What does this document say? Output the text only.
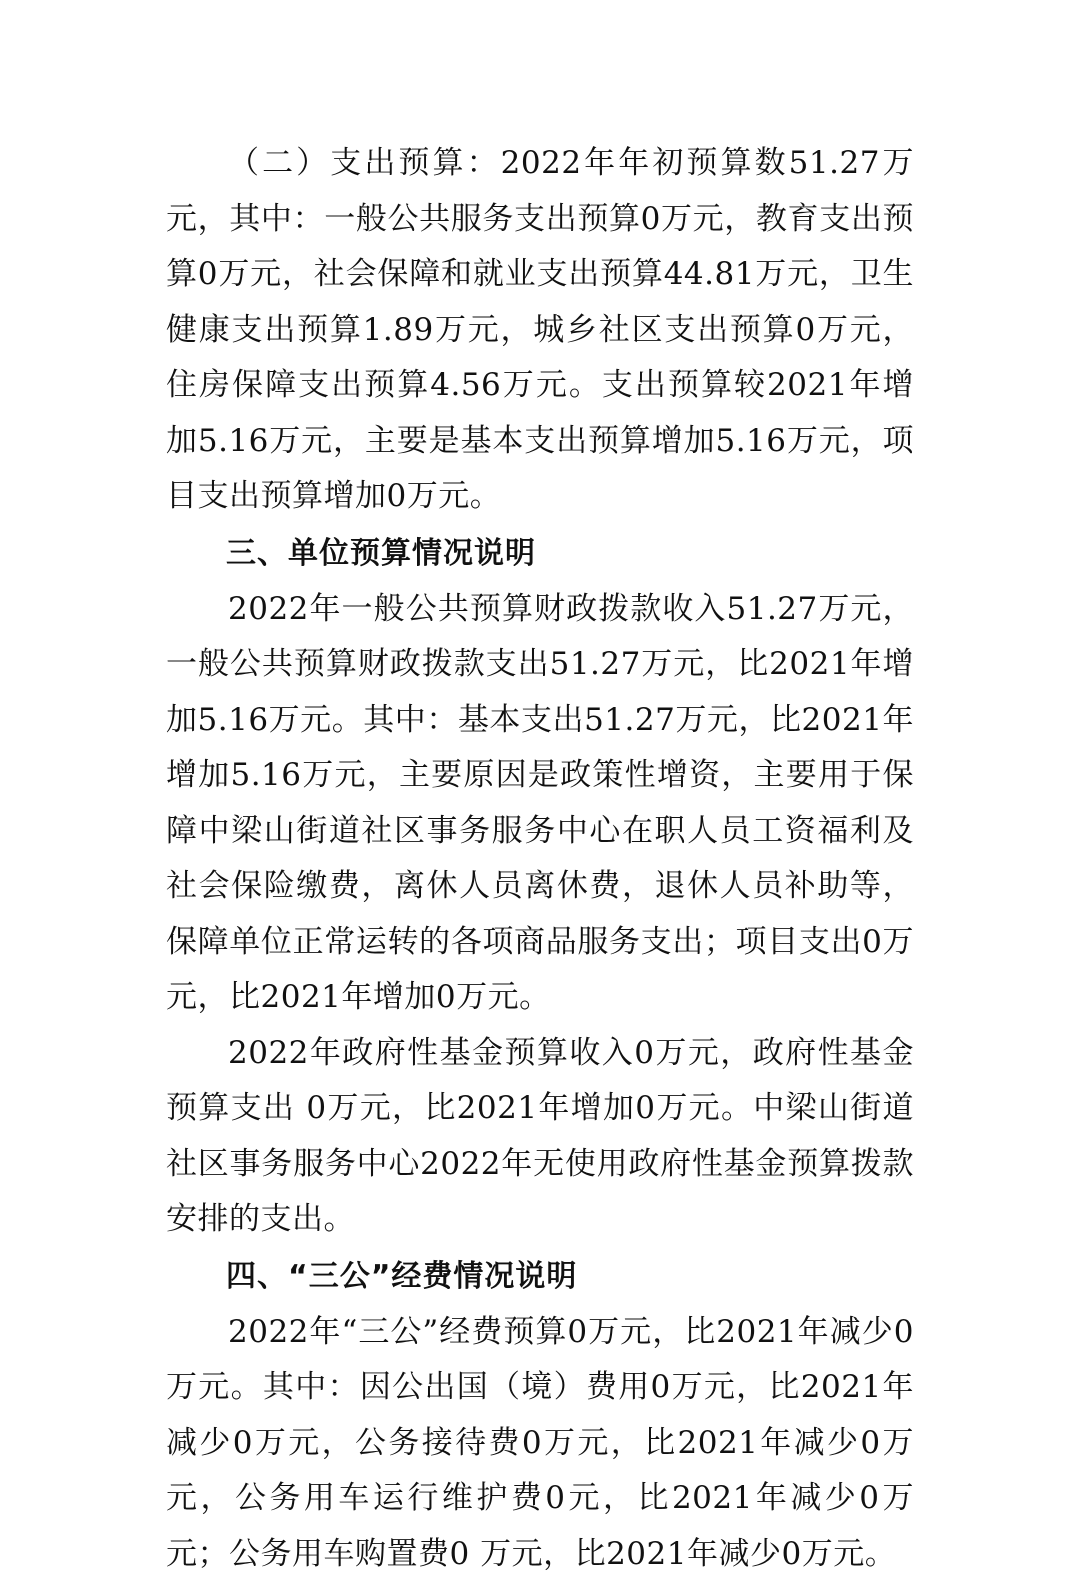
（二）支出预算：2022年年初预算数51.27万元，其中：一般公共服务支出预算0万元，教育支出预算0万元，社会保障和就业支出预算44.81万元，卫生健康支出预算1.89万元，城乡社区支出预算0万元，住房保障支出预算4.56万元。支出预算较2021年增加5.16万元，主要是基本支出预算增加5.16万元，项目支出预算增加0万元。

三、单位预算情况说明

2022年一般公共预算财政拨款收入51.27万元，一般公共预算财政拨款支出51.27万元，比2021年增加5.16万元。其中：基本支出51.27万元，比2021年增加5.16万元，主要原因是政策性增资，主要用于保障中梁山街道社区事务服务中心在职人员工资福利及社会保险缴费，离休人员离休费，退休人员补助等，保障单位正常运转的各项商品服务支出；项目支出0万元，比2021年增加0万元。

2022年政府性基金预算收入0万元，政府性基金预算支出 0万元，比2021年增加0万元。中梁山街道社区事务服务中心2022年无使用政府性基金预算拨款安排的支出。

四、“三公”经费情况说明

2022年“三公”经费预算0万元，比2021年减少0 万元。其中：因公出国（境）费用0万元，比2021年减少0万元，公务接待费0万元，比2021年减少0万元，公务用车运行维护费0元，比2021年减少0万元；公务用车购置费0 万元，比2021年减少0万元。
